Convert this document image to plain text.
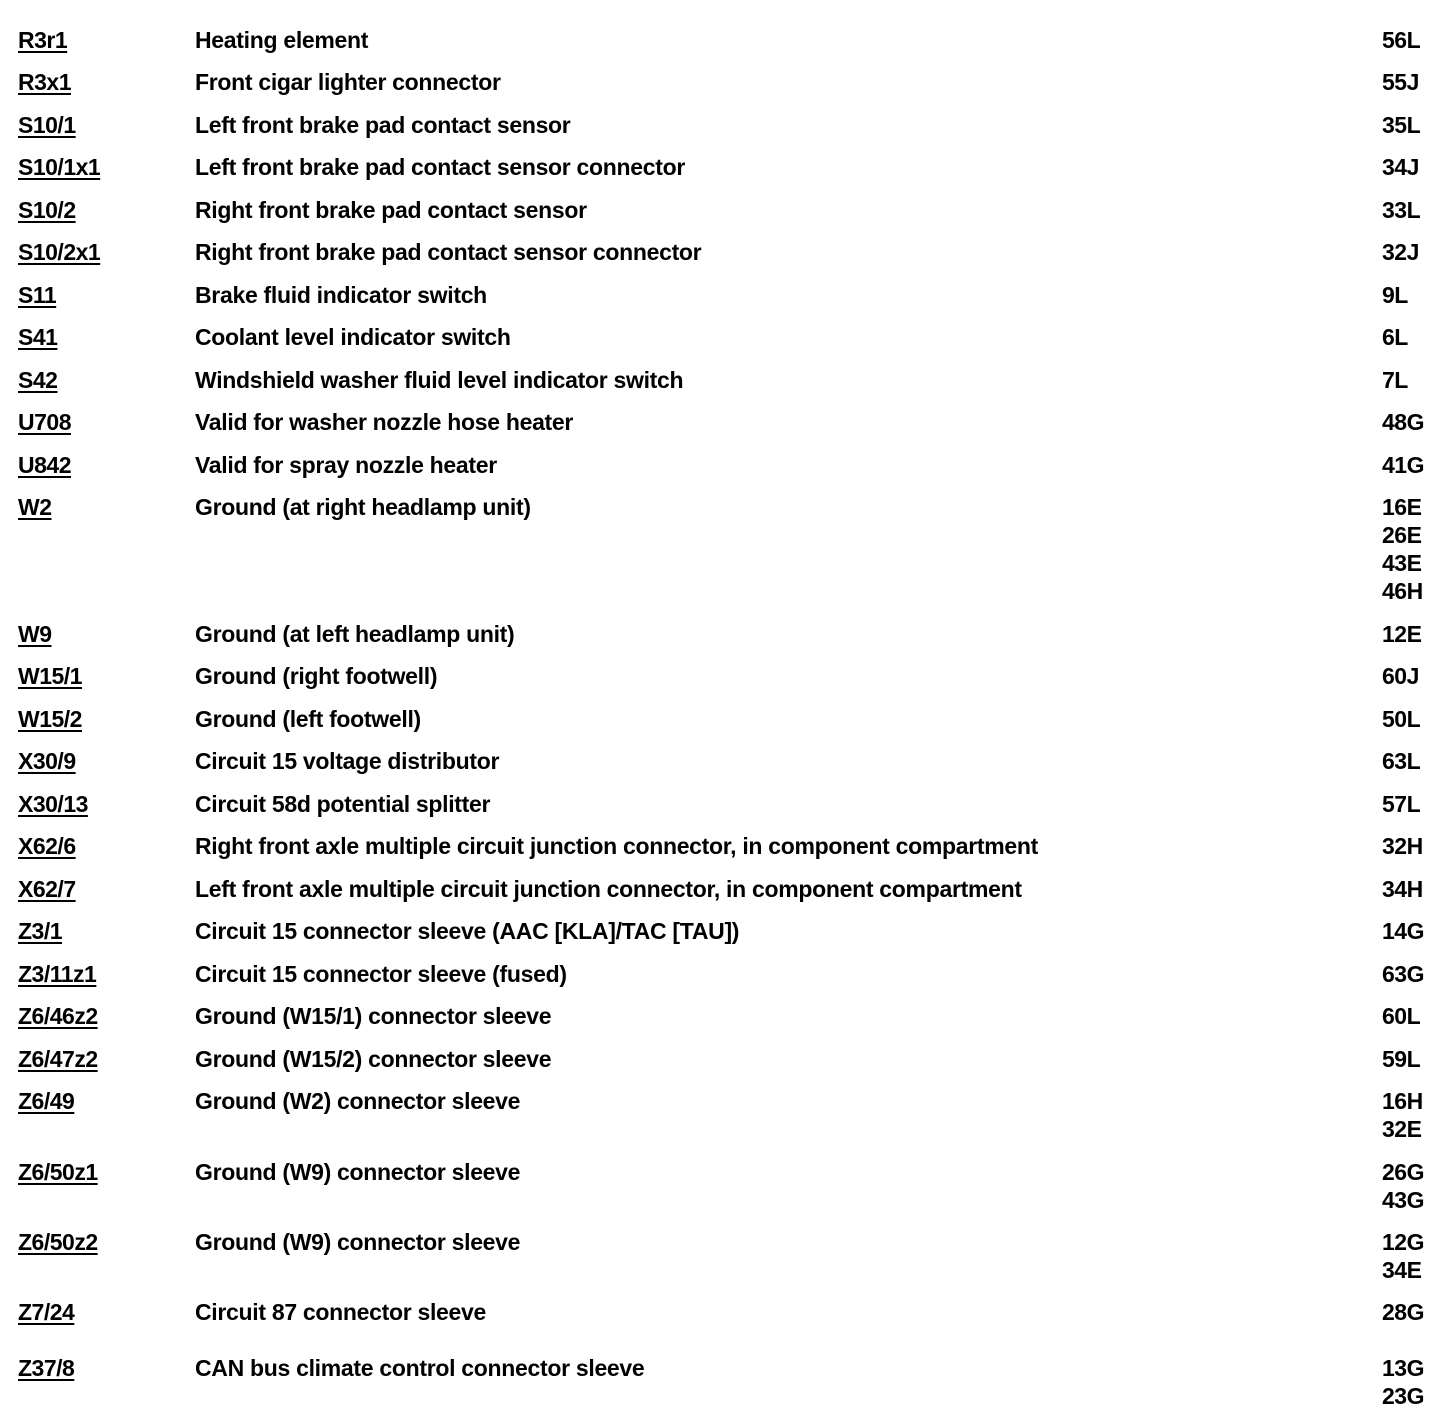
R3r1	Heating element	56L
R3x1	Front cigar lighter connector	55J
S10/1	Left front brake pad contact sensor	35L
S10/1x1	Left front brake pad contact sensor connector	34J
S10/2	Right front brake pad contact sensor	33L
S10/2x1	Right front brake pad contact sensor connector	32J
S11	Brake fluid indicator switch	9L
S41	Coolant level indicator switch	6L
S42	Windshield washer fluid level indicator switch	7L
U708	Valid for washer nozzle hose heater	48G
U842	Valid for spray nozzle heater	41G
W2	Ground (at right headlamp unit)	16E
26E
43E
46H
W9	Ground (at left headlamp unit)	12E
W15/1	Ground (right footwell)	60J
W15/2	Ground (left footwell)	50L
X30/9	Circuit 15 voltage distributor	63L
X30/13	Circuit 58d potential splitter	57L
X62/6	Right front axle multiple circuit junction connector, in component compartment	32H
X62/7	Left front axle multiple circuit junction connector, in component compartment	34H
Z3/1	Circuit 15 connector sleeve (AAC [KLA]/TAC [TAU])	14G
Z3/11z1	Circuit 15 connector sleeve (fused)	63G
Z6/46z2	Ground (W15/1) connector sleeve	60L
Z6/47z2	Ground (W15/2) connector sleeve	59L
Z6/49	Ground (W2) connector sleeve	16H
32E
Z6/50z1	Ground (W9) connector sleeve	26G
43G
Z6/50z2	Ground (W9) connector sleeve	12G
34E
Z7/24	Circuit 87 connector sleeve	28G
Z37/8	CAN bus climate control connector sleeve	13G
23G
